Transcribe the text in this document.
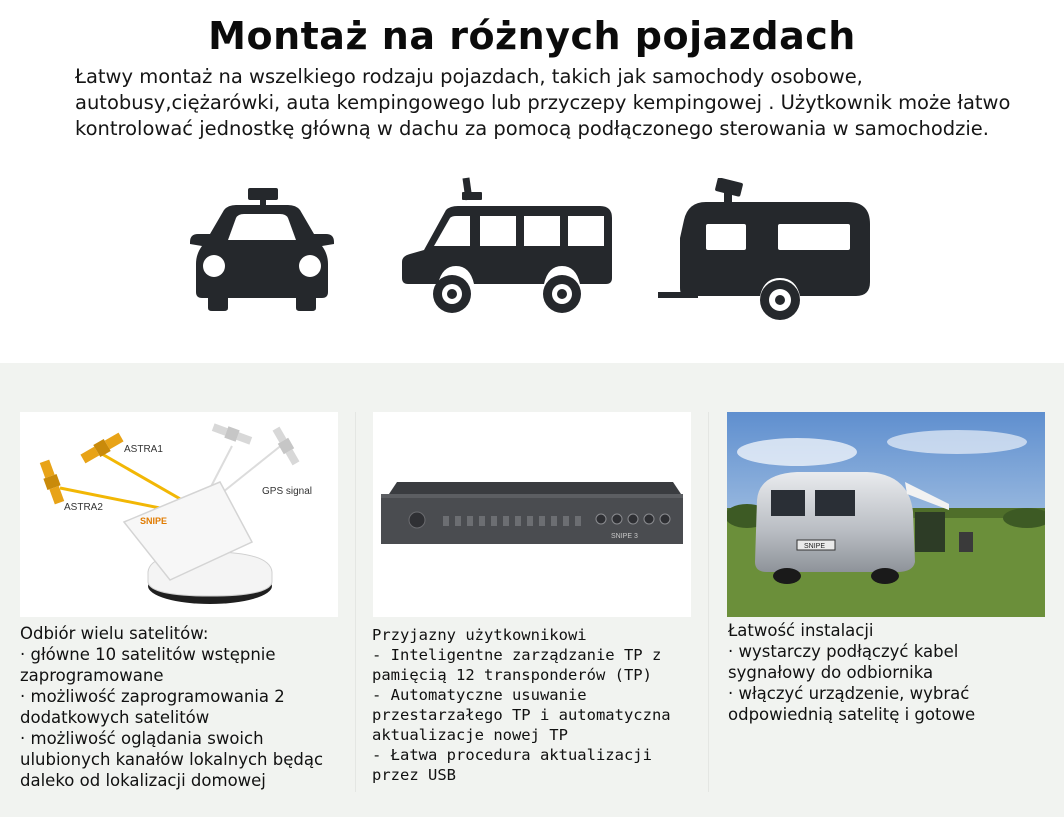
Montaż na różnych pojazdach

Łatwy montaż na wszelkiego rodzaju pojazdach, takich jak samochody osobowe, autobusy,ciężarówki, auta kempingowego lub przyczepy kempingowej . Użytkownik może łatwo kontrolować jednostkę główną w dachu za pomocą podłączonego sterowania w samochodzie.

ASTRA1
ASTRA2
GPS signal
SNIPE
SNIPE 3
SNIPE

Odbiór wielu satelitów:
· główne 10 satelitów wstępnie zaprogramowane
· możliwość zaprogramowania 2 dodatkowych satelitów
· możliwość oglądania swoich ulubionych kanałów lokalnych będąc daleko od lokalizacji domowej

Przyjazny użytkownikowi
- Inteligentne zarządzanie TP z pamięcią 12 transponderów (TP)
- Automatyczne usuwanie przestarzałego TP i automatyczna aktualizacje nowej TP
- Łatwa procedura aktualizacji przez USB

Łatwość instalacji
· wystarczy podłączyć kabel sygnałowy do odbiornika
· włączyć urządzenie, wybrać odpowiednią satelitę i gotowe
